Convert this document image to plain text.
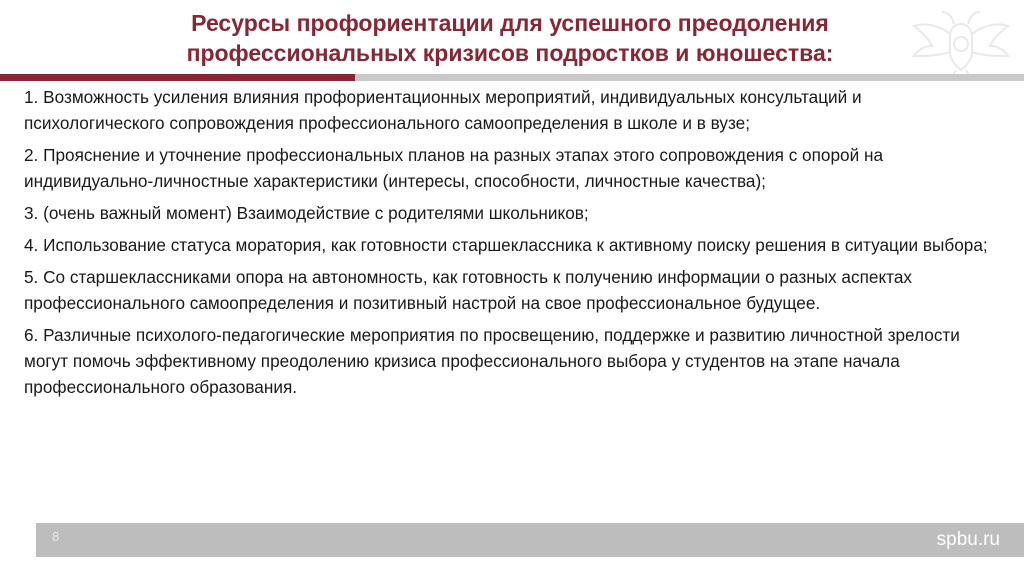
Ресурсы профориентации для успешного преодоления
профессиональных кризисов подростков и юношества:

1. Возможность усиления влияния профориентационных мероприятий, индивидуальных консультаций и психологического сопровождения профессионального самоопределения в школе и в вузе;

2. Прояснение и уточнение профессиональных планов на разных этапах этого сопровождения с опорой на индивидуально-личностные характеристики (интересы, способности, личностные качества);

3. (очень важный момент) Взаимодействие с родителями школьников;

4. Использование статуса моратория, как готовности старшеклассника к активному поиску решения в ситуации выбора;

5. Со старшеклассниками опора на автономность, как готовность к получению информации о разных аспектах профессионального самоопределения и позитивный настрой на свое профессиональное будущее.

6. Различные психолого-педагогические мероприятия по просвещению, поддержке и развитию личностной зрелости могут помочь эффективному преодолению кризиса профессионального выбора у студентов на этапе начала профессионального образования.

8	spbu.ru
